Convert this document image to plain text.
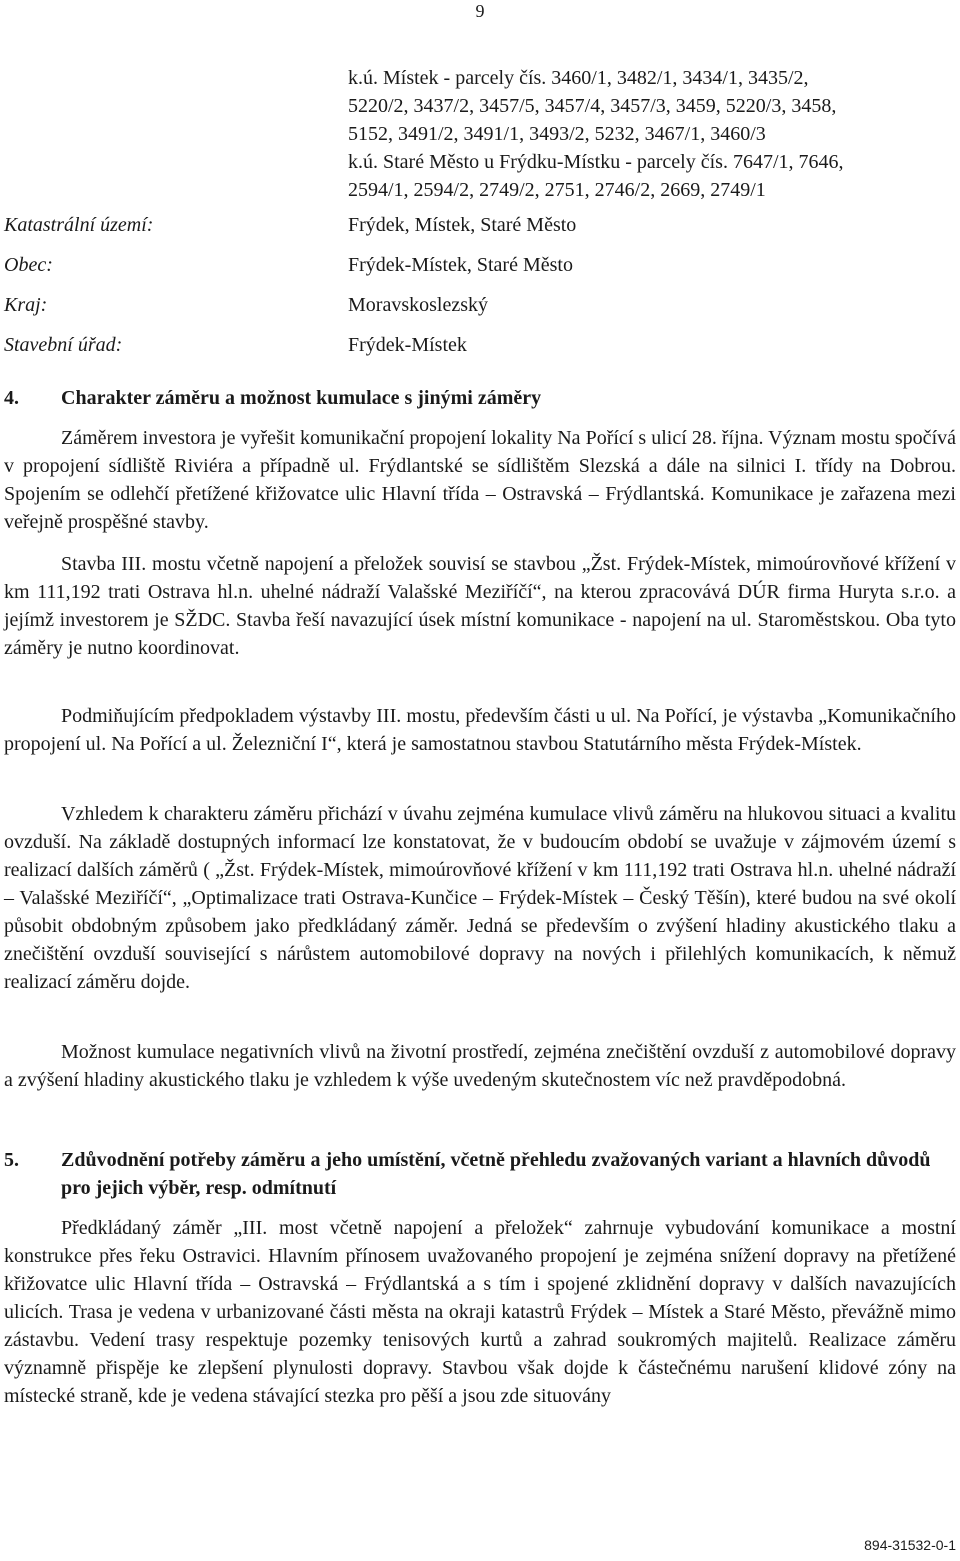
9
k.ú. Místek - parcely čís. 3460/1, 3482/1, 3434/1, 3435/2,
5220/2, 3437/2, 3457/5, 3457/4, 3457/3, 3459, 5220/3, 3458,
5152, 3491/2, 3491/1, 3493/2, 5232, 3467/1, 3460/3
k.ú. Staré Město u Frýdku-Místku - parcely čís. 7647/1, 7646,
2594/1, 2594/2, 2749/2, 2751, 2746/2, 2669, 2749/1
Katastrální území:	Frýdek, Místek, Staré Město
Obec:	Frýdek-Místek, Staré Město
Kraj:	Moravskoslezský
Stavební úřad:	Frýdek-Místek
4. Charakter záměru a možnost kumulace s jinými záměry

Záměrem investora je vyřešit komunikační propojení lokality Na Pořící s ulicí 28. října. Význam mostu spočívá v propojení sídliště Riviéra a případně ul. Frýdlantské se sídlištěm Slezská a dále na silnici I. třídy na Dobrou. Spojením se odlehčí přetížené křižovatce ulic Hlavní třída – Ostravská – Frýdlantská. Komunikace je zařazena mezi veřejně prospěšné stavby.

Stavba III. mostu včetně napojení a přeložek souvisí se stavbou „Žst. Frýdek-Místek, mimoúrovňové křížení v km 111,192 trati Ostrava hl.n. uhelné nádraží Valašské Meziříčí“, na kterou zpracovává DÚR firma Huryta s.r.o. a jejímž investorem je SŽDC. Stavba řeší navazující úsek místní komunikace - napojení na ul. Staroměstskou. Oba tyto záměry je nutno koordinovat.

Podmiňujícím předpokladem výstavby III. mostu, především části u ul. Na Pořící, je výstavba „Komunikačního propojení ul. Na Pořící a ul. Železniční I“, která je samostatnou stavbou Statutárního města Frýdek-Místek.

Vzhledem k charakteru záměru přichází v úvahu zejména kumulace vlivů záměru na hlukovou situaci a kvalitu ovzduší. Na základě dostupných informací lze konstatovat, že v budoucím období se uvažuje v zájmovém území s realizací dalších záměrů ( „Žst. Frýdek-Místek, mimoúrovňové křížení v km 111,192 trati Ostrava hl.n. uhelné nádraží – Valašské Meziříčí“, „Optimalizace trati Ostrava-Kunčice – Frýdek-Místek – Český Těšín), které budou na své okolí působit obdobným způsobem jako předkládaný záměr. Jedná se především o zvýšení hladiny akustického tlaku a znečištění ovzduší související s nárůstem automobilové dopravy na nových i přilehlých komunikacích, k němuž realizací záměru dojde.

Možnost kumulace negativních vlivů na životní prostředí, zejména znečištění ovzduší z automobilové dopravy a zvýšení hladiny akustického tlaku je vzhledem k výše uvedeným skutečnostem víc než pravděpodobná.

5. Zdůvodnění potřeby záměru a jeho umístění, včetně přehledu zvažovaných variant a hlavních důvodů pro jejich výběr, resp. odmítnutí

Předkládaný záměr „III. most včetně napojení a přeložek“ zahrnuje vybudování komunikace a mostní konstrukce přes řeku Ostravici. Hlavním přínosem uvažovaného propojení je zejména snížení dopravy na přetížené křižovatce ulic Hlavní třída – Ostravská – Frýdlantská a s tím i spojené zklidnění dopravy v dalších navazujících ulicích. Trasa je vedena v urbanizované části města na okraji katastrů Frýdek – Místek a Staré Město, převážně mimo zástavbu. Vedení trasy respektuje pozemky tenisových kurtů a zahrad soukromých majitelů. Realizace záměru významně přispěje ke zlepšení plynulosti dopravy. Stavbou však dojde k částečnému narušení klidové zóny na místecké straně, kde je vedena stávající stezka pro pěší a jsou zde situovány

894-31532-0-1
